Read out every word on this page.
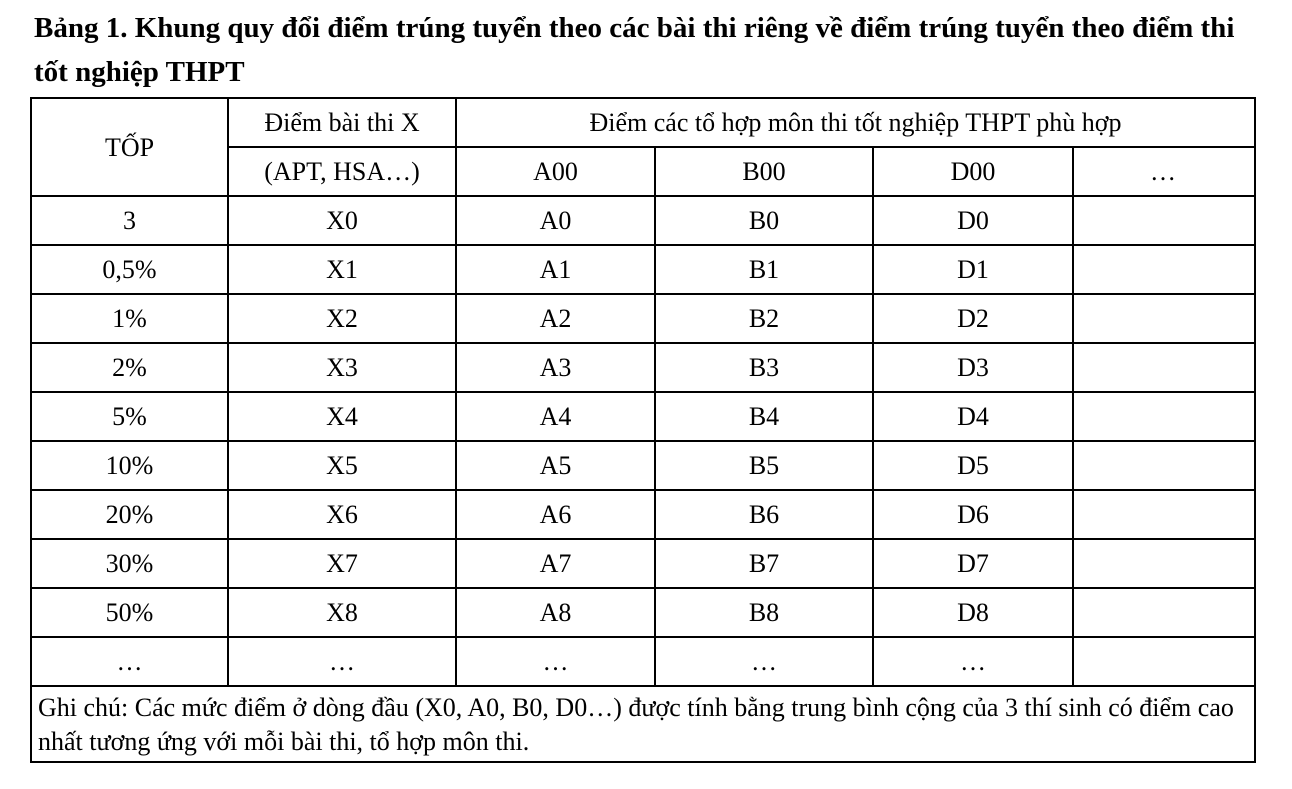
Bảng 1. Khung quy đổi điểm trúng tuyển theo các bài thi riêng về điểm trúng tuyển theo điểm thi tốt nghiệp THPT
TỐP	Điểm bài thi X	Điểm các tổ hợp môn thi tốt nghiệp THPT phù hợp			
	(APT, HSA…)	A00	B00	D00	…
3	X0	A0	B0	D0	
0,5%	X1	A1	B1	D1	
1%	X2	A2	B2	D2	
2%	X3	A3	B3	D3	
5%	X4	A4	B4	D4	
10%	X5	A5	B5	D5	
20%	X6	A6	B6	D6	
30%	X7	A7	B7	D7	
50%	X8	A8	B8	D8	
…	…	…	…	…	
Ghi chú: Các mức điểm ở dòng đầu (X0, A0, B0, D0…) được tính bằng trung bình cộng của 3 thí sinh có điểm cao nhất tương ứng với mỗi bài thi, tổ hợp môn thi.					
